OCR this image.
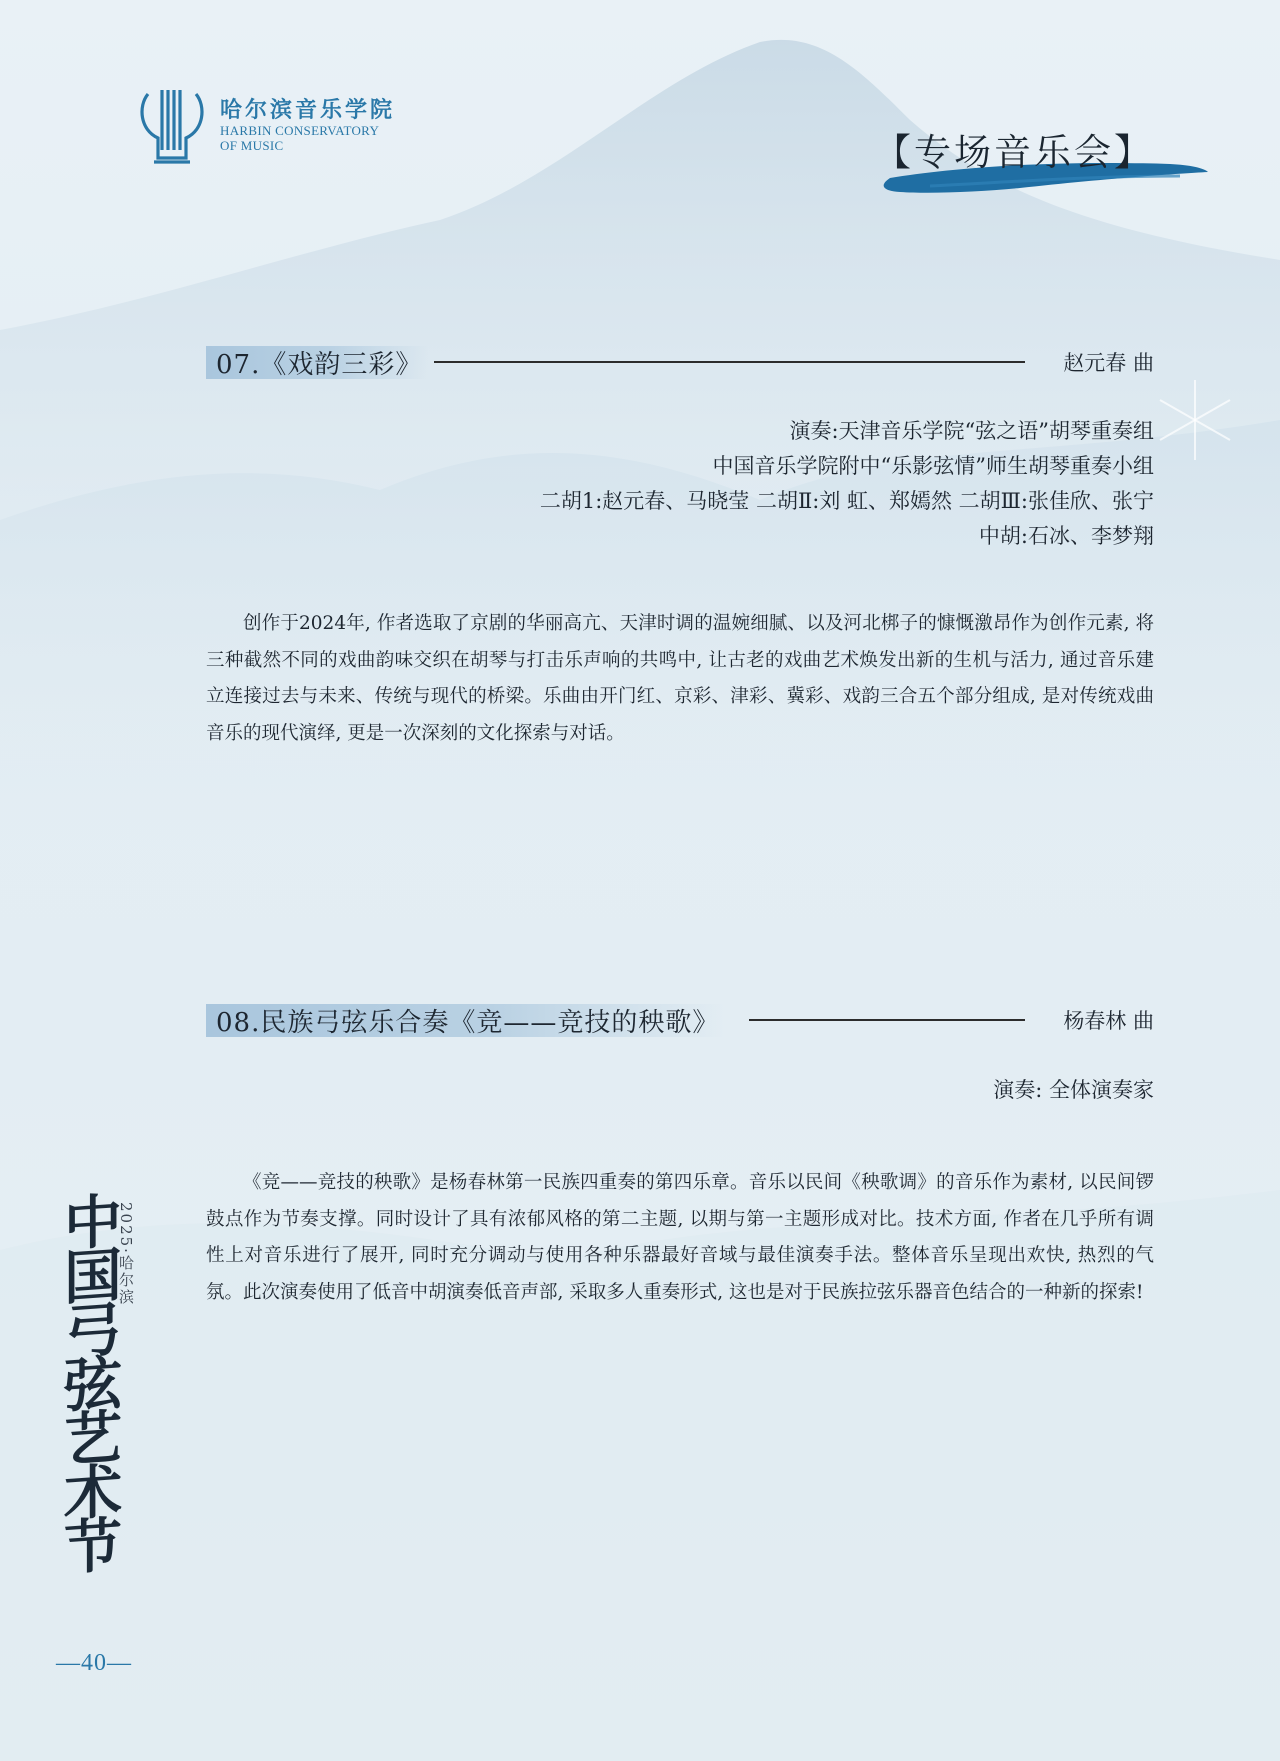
哈尔滨音乐学院
HARBIN CONSERVATORY
OF MUSIC	【专场音乐会】
07.《戏韵三彩》	赵元春 曲
演奏:天津音乐学院“弦之语”胡琴重奏组
中国音乐学院附中“乐影弦情”师生胡琴重奏小组
二胡1:赵元春、马晓莹 二胡Ⅱ:刘 虹、郑嫣然 二胡Ⅲ:张佳欣、张宁
中胡:石冰、李梦翔
创作于2024年, 作者选取了京剧的华丽高亢、天津时调的温婉细腻、以及河北梆子的慷慨激昂作为创作元素, 将三种截然不同的戏曲韵味交织在胡琴与打击乐声响的共鸣中, 让古老的戏曲艺术焕发出新的生机与活力, 通过音乐建立连接过去与未来、传统与现代的桥梁。乐曲由开门红、京彩、津彩、冀彩、戏韵三合五个部分组成, 是对传统戏曲音乐的现代演绎, 更是一次深刻的文化探索与对话。
08.民族弓弦乐合奏《竞——竞技的秧歌》	杨春林 曲
演奏: 全体演奏家
《竞——竞技的秧歌》是杨春林第一民族四重奏的第四乐章。音乐以民间《秧歌调》的音乐作为素材, 以民间锣鼓点作为节奏支撑。同时设计了具有浓郁风格的第二主题, 以期与第一主题形成对比。技术方面, 作者在几乎所有调性上对音乐进行了展开, 同时充分调动与使用各种乐器最好音域与最佳演奏手法。整体音乐呈现出欢快, 热烈的气氛。此次演奏使用了低音中胡演奏低音声部, 采取多人重奏形式, 这也是对于民族拉弦乐器音色结合的一种新的探索!
中国弓弦艺术节
2025·哈尔滨
—40—
